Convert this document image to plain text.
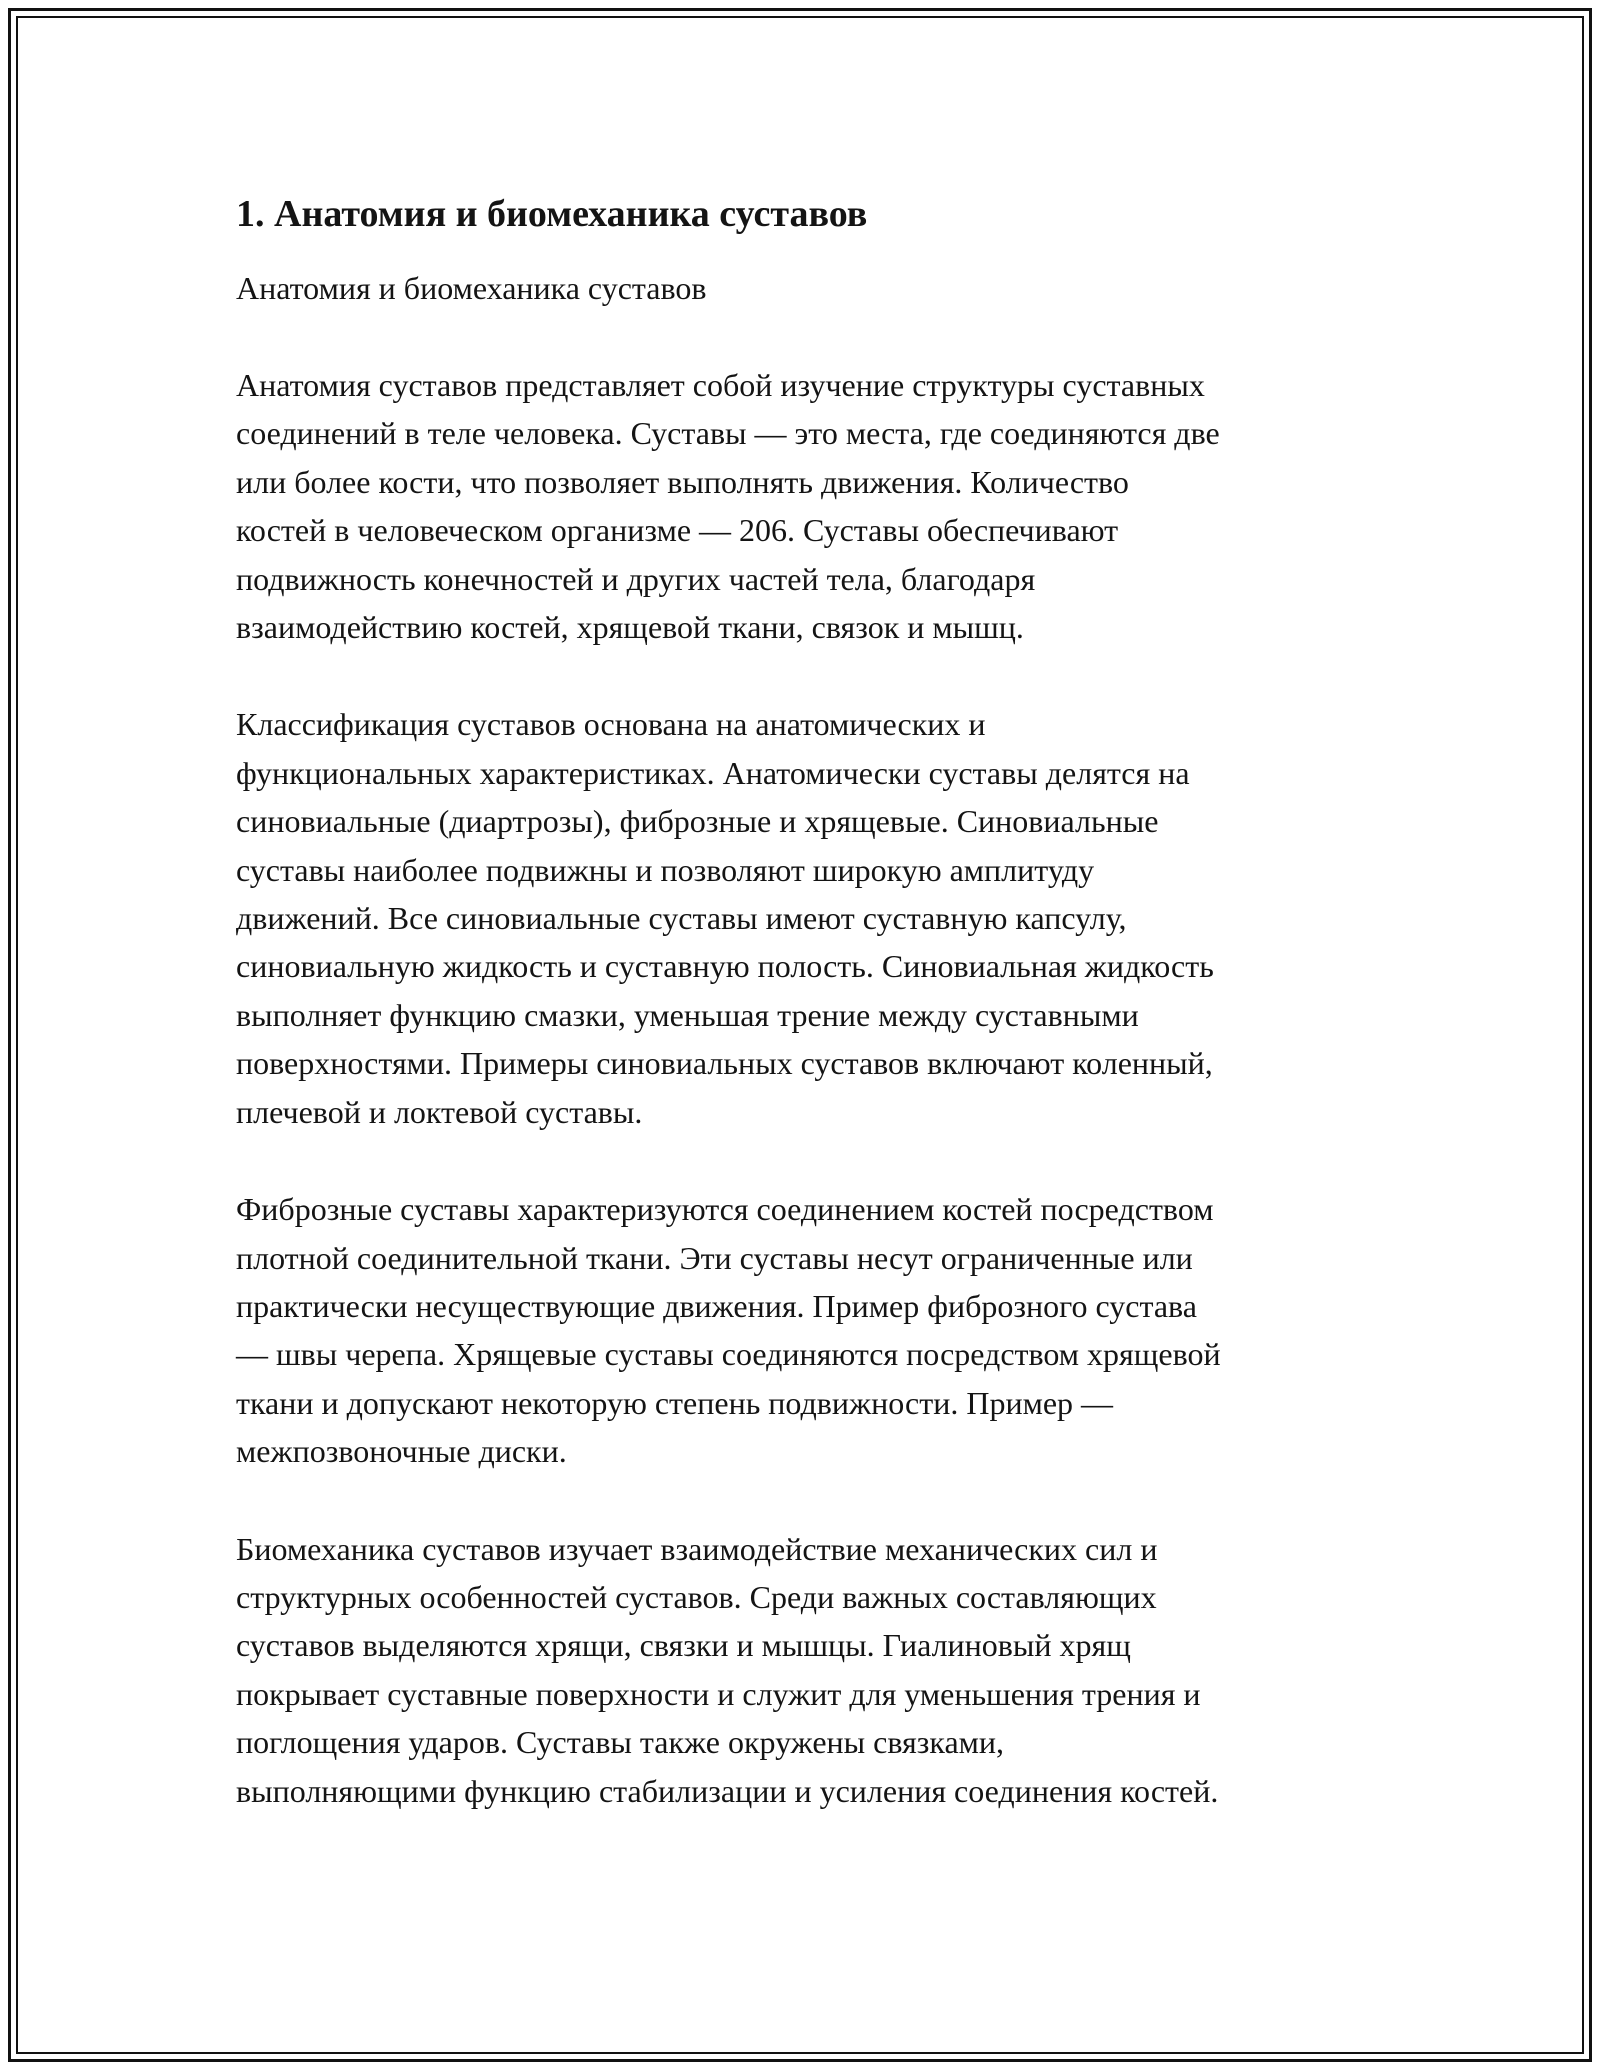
1. Анатомия и биомеханика суставов

Анатомия и биомеханика суставов

Анатомия суставов представляет собой изучение структуры суставных
соединений в теле человека. Суставы — это места, где соединяются две
или более кости, что позволяет выполнять движения. Количество
костей в человеческом организме — 206. Суставы обеспечивают
подвижность конечностей и других частей тела, благодаря
взаимодействию костей, хрящевой ткани, связок и мышц.

Классификация суставов основана на анатомических и
функциональных характеристиках. Анатомически суставы делятся на
синовиальные (диартрозы), фиброзные и хрящевые. Синовиальные
суставы наиболее подвижны и позволяют широкую амплитуду
движений. Все синовиальные суставы имеют суставную капсулу,
синовиальную жидкость и суставную полость. Синовиальная жидкость
выполняет функцию смазки, уменьшая трение между суставными
поверхностями. Примеры синовиальных суставов включают коленный,
плечевой и локтевой суставы.

Фиброзные суставы характеризуются соединением костей посредством
плотной соединительной ткани. Эти суставы несут ограниченные или
практически несуществующие движения. Пример фиброзного сустава
— швы черепа. Хрящевые суставы соединяются посредством хрящевой
ткани и допускают некоторую степень подвижности. Пример —
межпозвоночные диски.

Биомеханика суставов изучает взаимодействие механических сил и
структурных особенностей суставов. Среди важных составляющих
суставов выделяются хрящи, связки и мышцы. Гиалиновый хрящ
покрывает суставные поверхности и служит для уменьшения трения и
поглощения ударов. Суставы также окружены связками,
выполняющими функцию стабилизации и усиления соединения костей.
